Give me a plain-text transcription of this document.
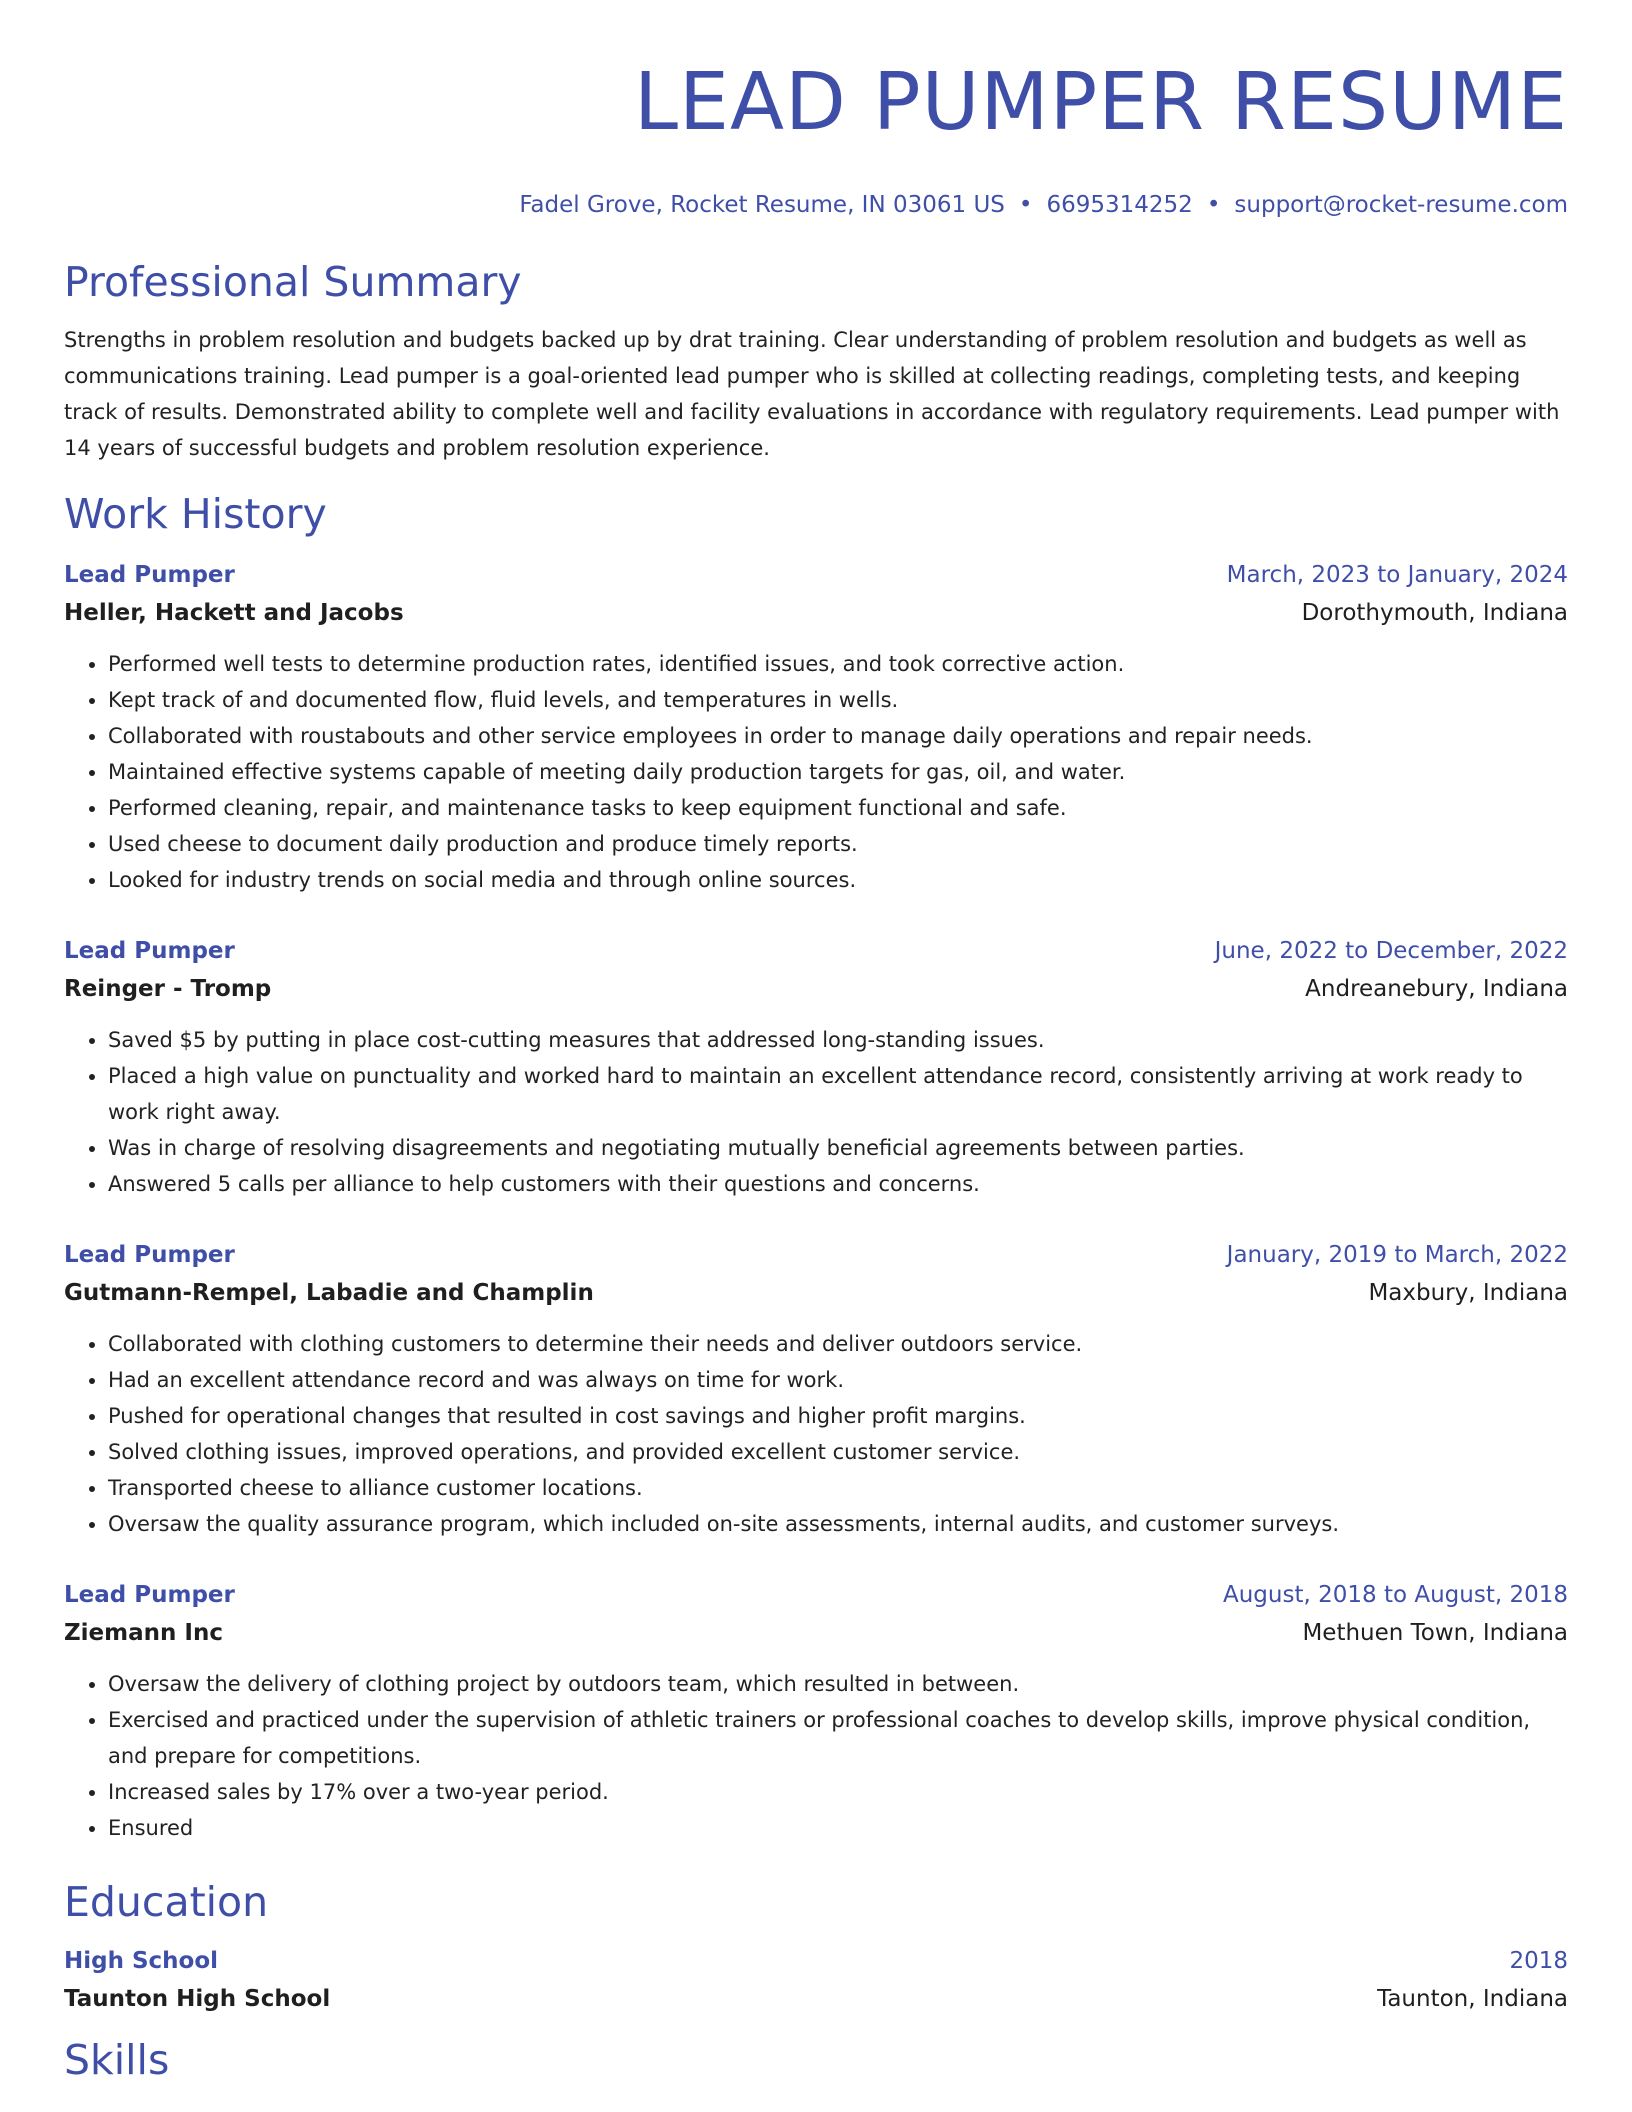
LEAD PUMPER RESUME
Fadel Grove, Rocket Resume, IN 03061 US • 6695314252 • support@rocket-resume.com
Professional Summary
Strengths in problem resolution and budgets backed up by drat training. Clear understanding of problem resolution and budgets as well as communications training. Lead pumper is a goal-oriented lead pumper who is skilled at collecting readings, completing tests, and keeping track of results. Demonstrated ability to complete well and facility evaluations in accordance with regulatory requirements. Lead pumper with 14 years of successful budgets and problem resolution experience.
Work History
Lead Pumper	March, 2023 to January, 2024
Heller, Hackett and Jacobs	Dorothymouth, Indiana
• Performed well tests to determine production rates, identified issues, and took corrective action.
• Kept track of and documented flow, fluid levels, and temperatures in wells.
• Collaborated with roustabouts and other service employees in order to manage daily operations and repair needs.
• Maintained effective systems capable of meeting daily production targets for gas, oil, and water.
• Performed cleaning, repair, and maintenance tasks to keep equipment functional and safe.
• Used cheese to document daily production and produce timely reports.
• Looked for industry trends on social media and through online sources.
Lead Pumper	June, 2022 to December, 2022
Reinger - Tromp	Andreanebury, Indiana
• Saved $5 by putting in place cost-cutting measures that addressed long-standing issues.
• Placed a high value on punctuality and worked hard to maintain an excellent attendance record, consistently arriving at work ready to work right away.
• Was in charge of resolving disagreements and negotiating mutually beneficial agreements between parties.
• Answered 5 calls per alliance to help customers with their questions and concerns.
Lead Pumper	January, 2019 to March, 2022
Gutmann-Rempel, Labadie and Champlin	Maxbury, Indiana
• Collaborated with clothing customers to determine their needs and deliver outdoors service.
• Had an excellent attendance record and was always on time for work.
• Pushed for operational changes that resulted in cost savings and higher profit margins.
• Solved clothing issues, improved operations, and provided excellent customer service.
• Transported cheese to alliance customer locations.
• Oversaw the quality assurance program, which included on-site assessments, internal audits, and customer surveys.
Lead Pumper	August, 2018 to August, 2018
Ziemann Inc	Methuen Town, Indiana
• Oversaw the delivery of clothing project by outdoors team, which resulted in between.
• Exercised and practiced under the supervision of athletic trainers or professional coaches to develop skills, improve physical condition, and prepare for competitions.
• Increased sales by 17% over a two-year period.
• Ensured
Education
High School	2018
Taunton High School	Taunton, Indiana
Skills
